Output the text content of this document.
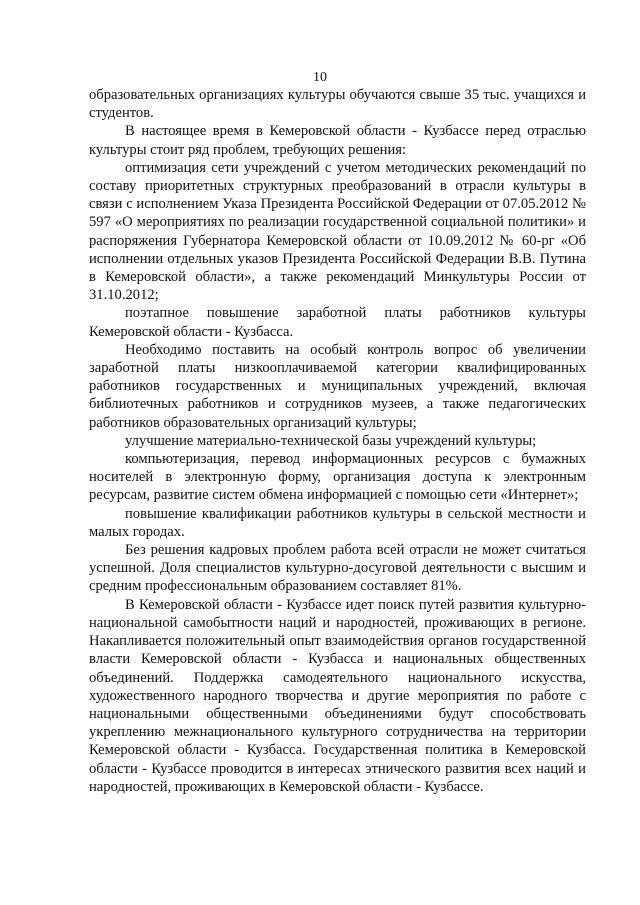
10

образовательных организациях культуры обучаются свыше 35 тыс. учащихся и студентов.

В настоящее время в Кемеровской области - Кузбассе перед отраслью культуры стоит ряд проблем, требующих решения:

оптимизация сети учреждений с учетом методических рекомендаций по составу приоритетных структурных преобразований в отрасли культуры в связи с исполнением Указа Президента Российской Федерации от 07.05.2012 № 597 «О мероприятиях по реализации государственной социальной политики» и распоряжения Губернатора Кемеровской области от 10.09.2012 № 60-рг «Об исполнении отдельных указов Президента Российской Федерации В.В. Путина в Кемеровской области», а также рекомендаций Минкультуры России от 31.10.2012;

поэтапное повышение заработной платы работников культуры Кемеровской области - Кузбасса.

Необходимо поставить на особый контроль вопрос об увеличении заработной платы низкооплачиваемой категории квалифицированных работников государственных и муниципальных учреждений, включая библиотечных работников и сотрудников музеев, а также педагогических работников образовательных организаций культуры;

улучшение материально-технической базы учреждений культуры;

компьютеризация, перевод информационных ресурсов с бумажных носителей в электронную форму, организация доступа к электронным ресурсам, развитие систем обмена информацией с помощью сети «Интернет»;

повышение квалификации работников культуры в сельской местности и малых городах.

Без решения кадровых проблем работа всей отрасли не может считаться успешной. Доля специалистов культурно-досуговой деятельности с высшим и средним профессиональным образованием составляет 81%.

В Кемеровской области - Кузбассе идет поиск путей развития культурно-национальной самобытности наций и народностей, проживающих в регионе. Накапливается положительный опыт взаимодействия органов государственной власти Кемеровской области - Кузбасса и национальных общественных объединений. Поддержка самодеятельного национального искусства, художественного народного творчества и другие мероприятия по работе с национальными общественными объединениями будут способствовать укреплению межнационального культурного сотрудничества на территории Кемеровской области - Кузбасса. Государственная политика в Кемеровской области - Кузбассе проводится в интересах этнического развития всех наций и народностей, проживающих в Кемеровской области - Кузбассе.
